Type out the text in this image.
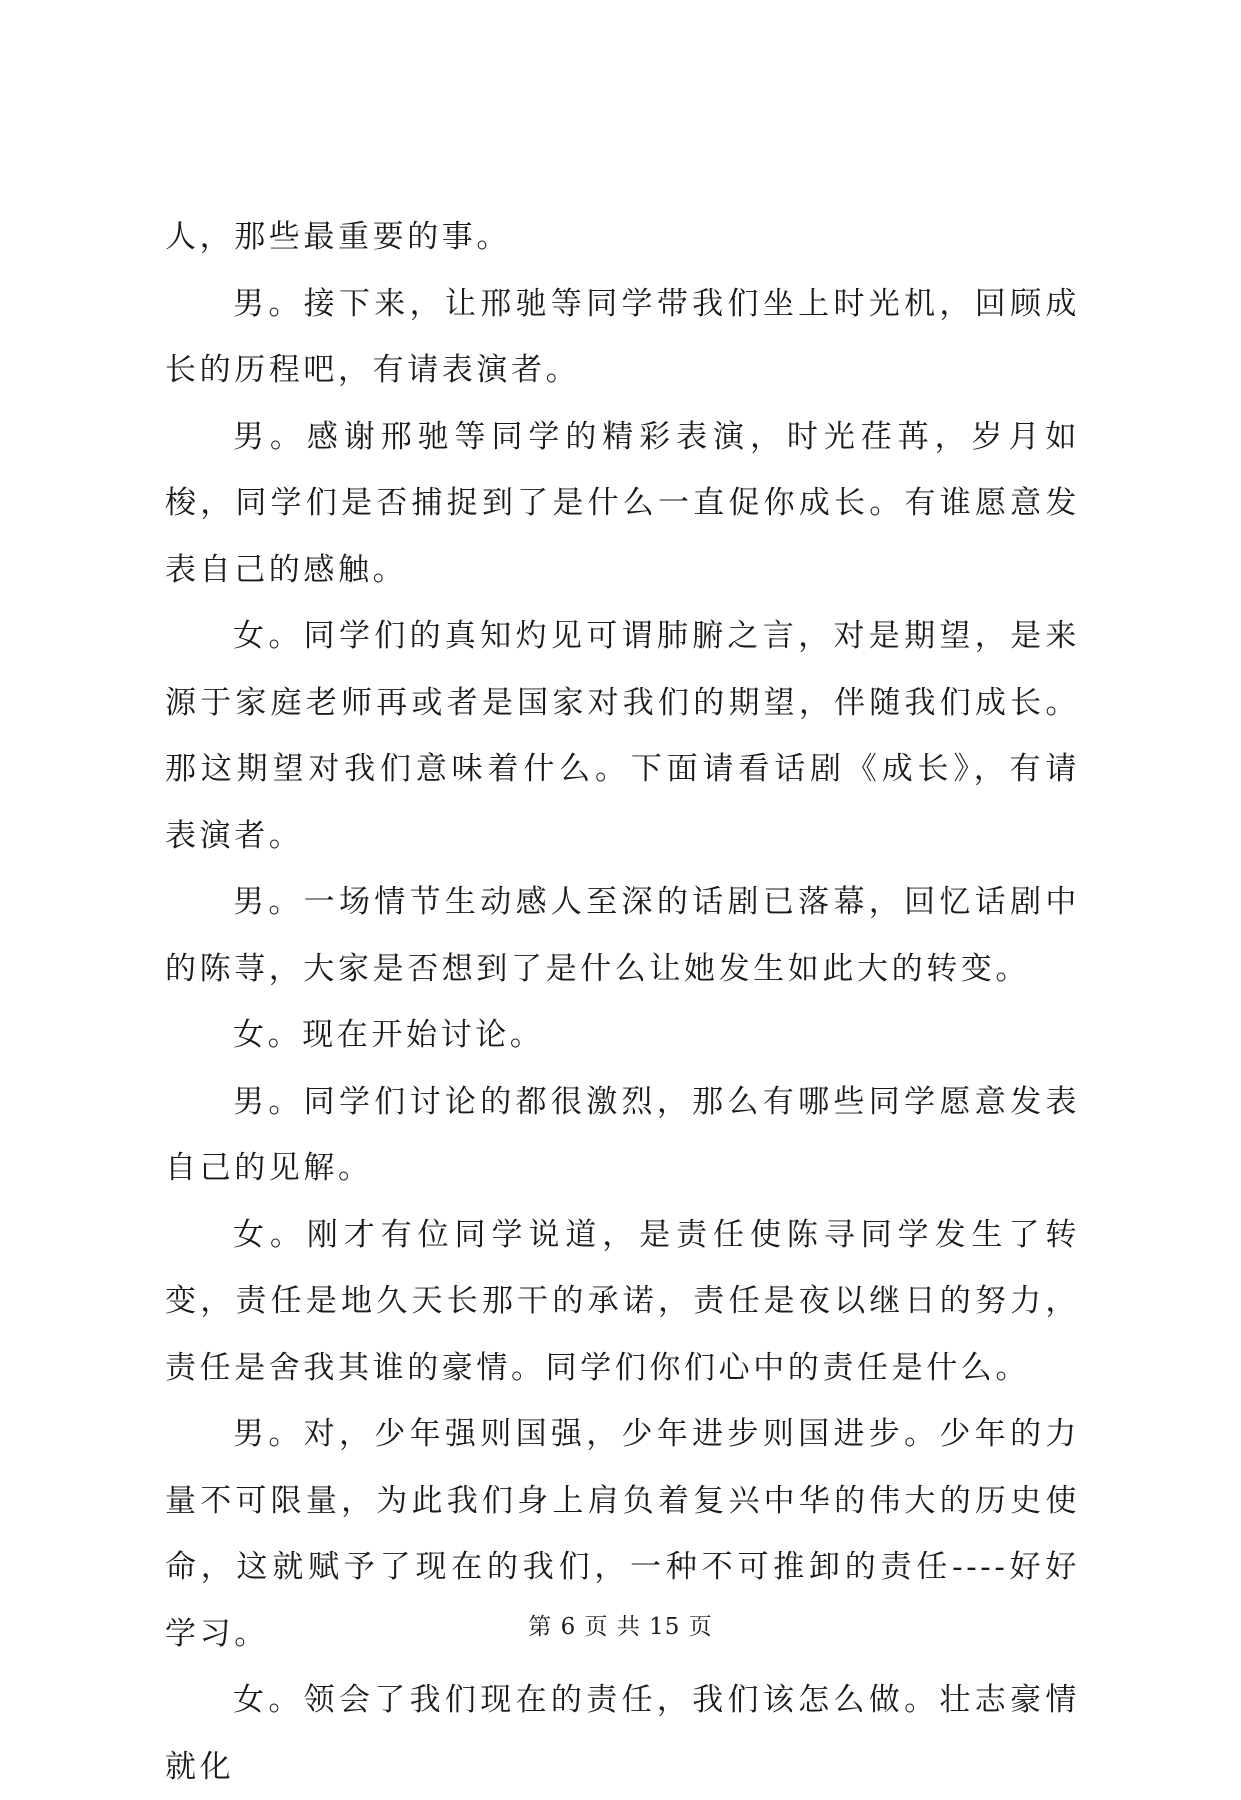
人，那些最重要的事。

男。接下来，让邢驰等同学带我们坐上时光机，回顾成长的历程吧，有请表演者。

男。感谢邢驰等同学的精彩表演，时光荏苒，岁月如梭，同学们是否捕捉到了是什么一直促你成长。有谁愿意发表自己的感触。

女。同学们的真知灼见可谓肺腑之言，对是期望，是来源于家庭老师再或者是国家对我们的期望，伴随我们成长。那这期望对我们意味着什么。下面请看话剧《成长》，有请表演者。

男。一场情节生动感人至深的话剧已落幕，回忆话剧中的陈荨，大家是否想到了是什么让她发生如此大的转变。

女。现在开始讨论。

男。同学们讨论的都很激烈，那么有哪些同学愿意发表自己的见解。

女。刚才有位同学说道，是责任使陈寻同学发生了转变，责任是地久天长那干的承诺，责任是夜以继日的努力，责任是舍我其谁的豪情。同学们你们心中的责任是什么。

男。对，少年强则国强，少年进步则国进步。少年的力量不可限量，为此我们身上肩负着复兴中华的伟大的历史使命，这就赋予了现在的我们，一种不可推卸的责任----好好学习。

女。领会了我们现在的责任，我们该怎么做。壮志豪情就化

第 6 页 共 15 页
